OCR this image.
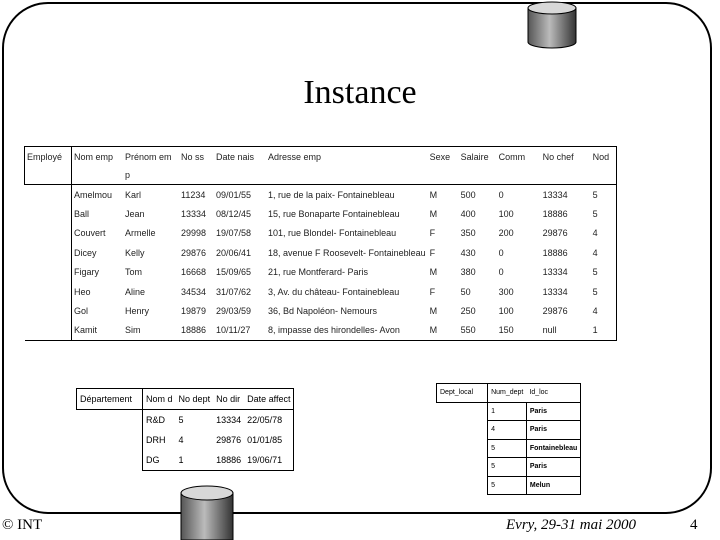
Instance
Employé	Nom emp	Prénom em	No ss	Date nais	Adresse emp	Sexe	Salaire	Comm	No chef	Nod
		p								
	Amelmou	Karl	11234	09/01/55	1, rue de la paix- Fontainebleau	M	500	0	13334	5
	Ball	Jean	13334	08/12/45	15, rue Bonaparte Fontainebleau	M	400	100	18886	5
	Couvert	Armelle	29998	19/07/58	101, rue Blondel- Fontainebleau	F	350	200	29876	4
	Dicey	Kelly	29876	20/06/41	18, avenue F Roosevelt- Fontainebleau	F	430	0	18886	4
	Figary	Tom	16668	15/09/65	21, rue Montferard- Paris	M	380	0	13334	5
	Heo	Aline	34534	31/07/62	3, Av. du château- Fontainebleau	F	50	300	13334	5
	Gol	Henry	19879	29/03/59	36, Bd Napoléon- Nemours	M	250	100	29876	4
	Kamit	Sim	18886	10/11/27	8, impasse des hirondelles- Avon	M	550	150	null	1
Département	Nom d	No dept	No dir	Date affect
	R&D	5	13334	22/05/78
	DRH	4	29876	01/01/85
	DG	1	18886	19/06/71
Dept_local	Num_dept	Id_loc
	1	Paris
	4	Paris
	5	Fontainebleau
	5	Paris
	5	Melun
© INT	Evry, 29-31 mai 2000	4
